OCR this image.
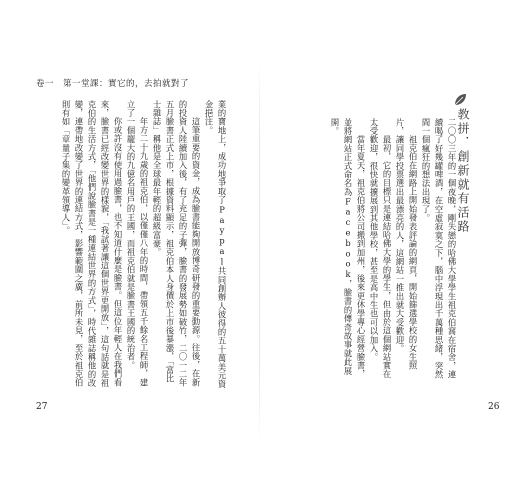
卷一　第一堂課：實它的，去拍就對了

業的寶地上，成功地爭取了Paypal共同創辦人彼得的五十萬美元資金挹注。

這筆重要的資金，成為臉書能夠開放博奇研發的重要動源。往後，在新的投資人陸續加入後，有了充足的子彈，臉書的發展勢如破竹，二〇一二年五月臉書正式上市，根據資料顯示，祖克伯本人身價於上市後暴漲，「富比士雜誌」稱他是全球最年輕的超級富豪。

年方二十九歲的祖克伯，以僅僅八年的時間，帶領五千餘名工程師，建立了一個龐大的九億名用戶的王國，而祖克伯就是臉書王國的統治者。

你或許沒有使用過臉書，也不知道什麼是臉書。但這位年輕人在我們看來，臉書已經改變世界的樣貌，「我試著讓這個世界更開放」，這句話就是祖克伯的生活方式，「他們說臉書是一種連結世界的方式」，時代雜誌稱他的改變，連帶地改變了世界的連結方式，影響範圍之廣，前所未見，至於祖克伯則有如「章量子集的變革領導人」。

27

二〇〇三年的一個夜晚，剛失戀的哈佛大學學生祖克伯窩在宿舍，連續喝了好幾罐啤酒，在空虛寂寞之下，腦中浮現出千萬種思緒，突然間一個瘋狂的想法出現了。

祖克伯在網路上開始發表評論的網頁，開始篩選學校的女生照片，讓同學投票選出最漂亮的人，這網站一推出就大受歡迎。

最初，它的目標只是連結哈佛大學的學生，但由於這個網站實在太受歡迎，很快就擴展到其他學校，甚至是高中生也可以加入。

當年夏天，祖克伯將公司搬到加州，後來更休學專心經營臉書，並將網站正式命名為Facebook，臉書的傳奇故事就此展開。

26
教拼．創新就有活路
